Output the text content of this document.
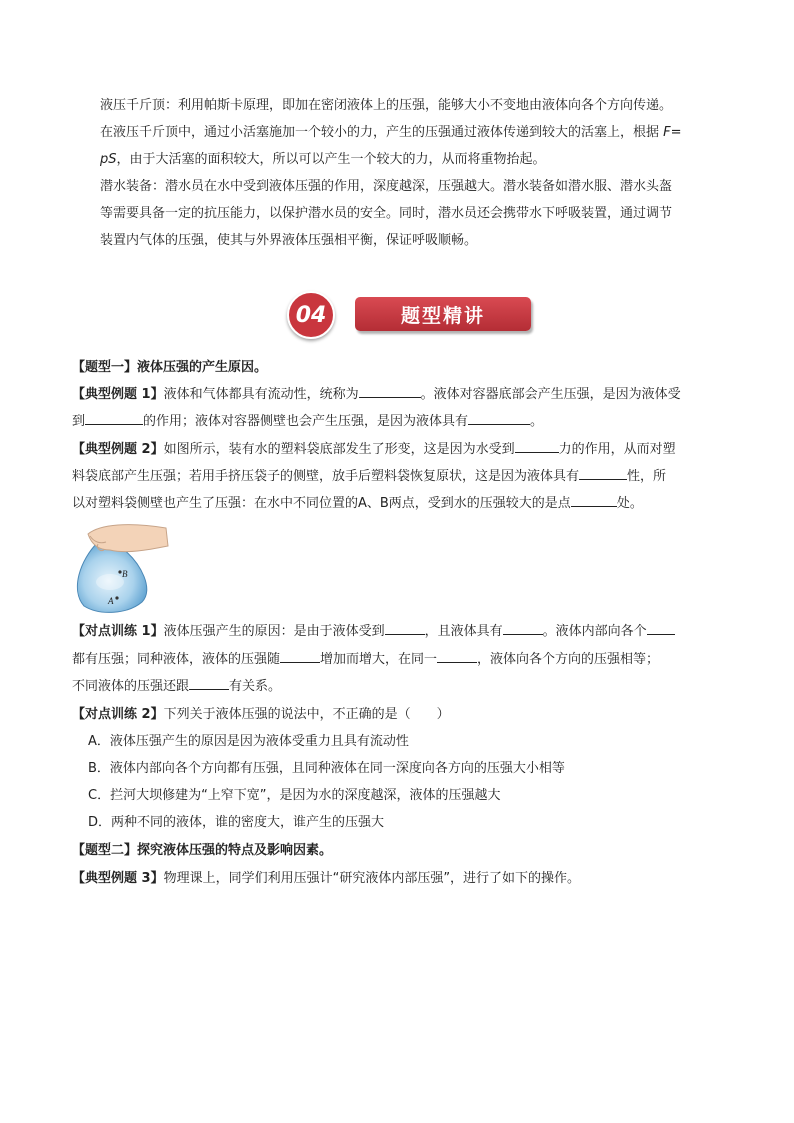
液压千斤顶：利用帕斯卡原理，即加在密闭液体上的压强，能够大小不变地由液体向各个方向传递。

在液压千斤顶中，通过小活塞施加一个较小的力，产生的压强通过液体传递到较大的活塞上，根据 F=

pS，由于大活塞的面积较大，所以可以产生一个较大的力，从而将重物抬起。

潜水装备：潜水员在水中受到液体压强的作用，深度越深，压强越大。潜水装备如潜水服、潜水头盔

等需要具备一定的抗压能力，以保护潜水员的安全。同时，潜水员还会携带水下呼吸装置，通过调节

装置内气体的压强，使其与外界液体压强相平衡，保证呼吸顺畅。

04	题型精讲

【题型一】液体压强的产生原因。

【典型例题 1】液体和气体都具有流动性，统称为	。液体对容器底部会产生压强，是因为液体受

到	的作用；液体对容器侧壁也会产生压强，是因为液体具有	。

【典型例题 2】如图所示，装有水的塑料袋底部发生了形变，这是因为水受到	力的作用，从而对塑

料袋底部产生压强；若用手挤压袋子的侧壁，放手后塑料袋恢复原状，这是因为液体具有	性，所

以对塑料袋侧壁也产生了压强：在水中不同位置的A、B两点，受到水的压强较大的是点	处。

B
A

【对点训练 1】液体压强产生的原因：是由于液体受到	，且液体具有	。液体内部向各个

都有压强；同种液体，液体的压强随	增加而增大，在同一	，液体向各个方向的压强相等；

不同液体的压强还跟	有关系。

【对点训练 2】下列关于液体压强的说法中，不正确的是（　　）

A．液体压强产生的原因是因为液体受重力且具有流动性

B．液体内部向各个方向都有压强，且同种液体在同一深度向各方向的压强大小相等

C．拦河大坝修建为“上窄下宽”，是因为水的深度越深，液体的压强越大

D．两种不同的液体，谁的密度大，谁产生的压强大

【题型二】探究液体压强的特点及影响因素。

【典型例题 3】物理课上，同学们利用压强计“研究液体内部压强”，进行了如下的操作。
